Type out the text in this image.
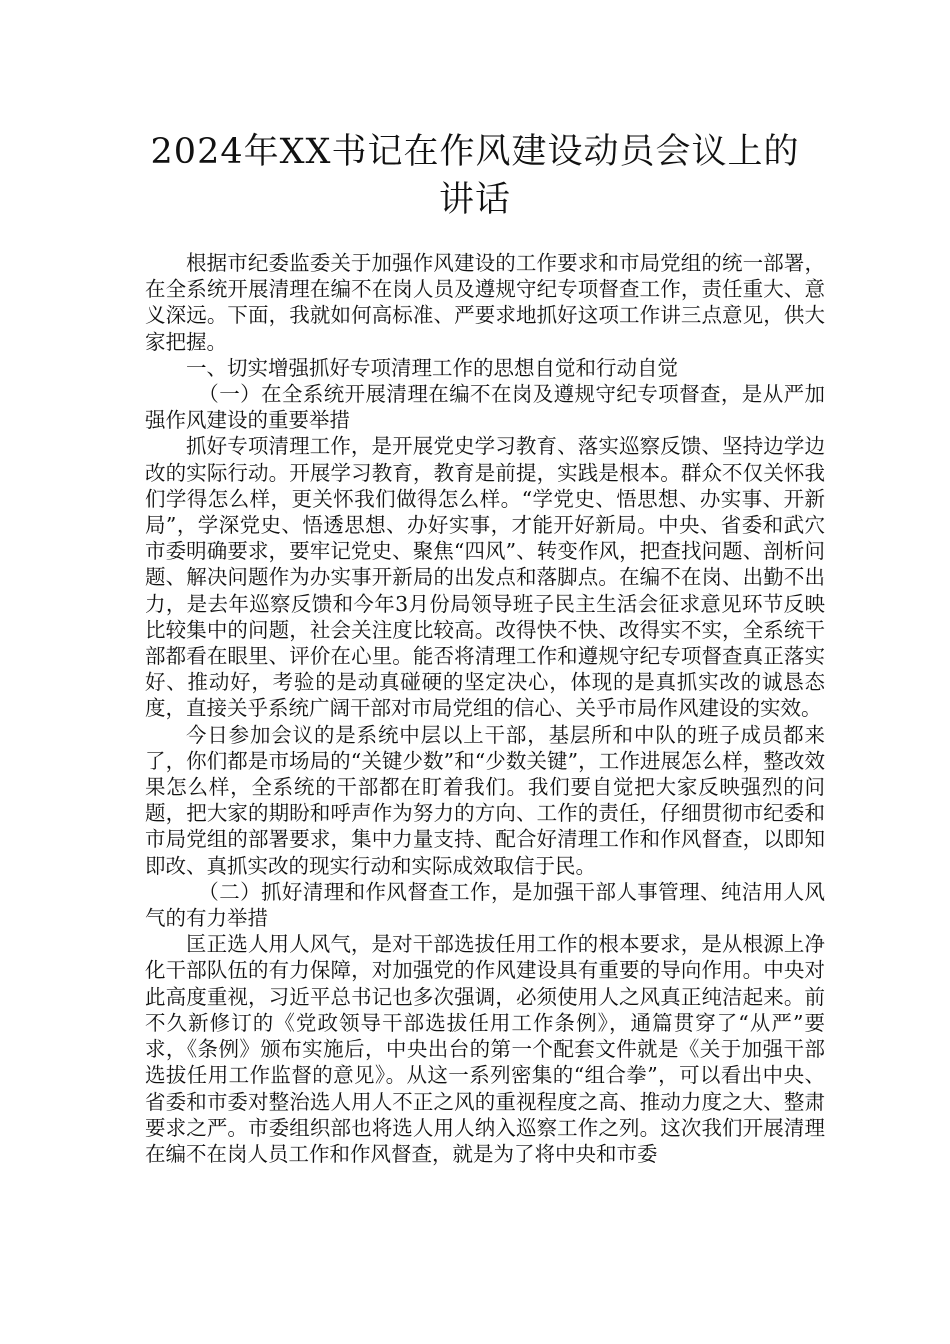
2024年XX书记在作风建设动员会议上的讲话

根据市纪委监委关于加强作风建设的工作要求和市局党组的统一部署，在全系统开展清理在编不在岗人员及遵规守纪专项督查工作，责任重大、意义深远。下面，我就如何高标准、严要求地抓好这项工作讲三点意见，供大家把握。

一、切实增强抓好专项清理工作的思想自觉和行动自觉

（一）在全系统开展清理在编不在岗及遵规守纪专项督查，是从严加强作风建设的重要举措

抓好专项清理工作，是开展党史学习教育、落实巡察反馈、坚持边学边改的实际行动。开展学习教育，教育是前提，实践是根本。群众不仅关怀我们学得怎么样，更关怀我们做得怎么样。“学党史、悟思想、办实事、开新局”，学深党史、悟透思想、办好实事，才能开好新局。中央、省委和武穴市委明确要求，要牢记党史、聚焦“四风”、转变作风，把查找问题、剖析问题、解决问题作为办实事开新局的出发点和落脚点。在编不在岗、出勤不出力，是去年巡察反馈和今年3月份局领导班子民主生活会征求意见环节反映比较集中的问题，社会关注度比较高。改得快不快、改得实不实，全系统干部都看在眼里、评价在心里。能否将清理工作和遵规守纪专项督查真正落实好、推动好，考验的是动真碰硬的坚定决心，体现的是真抓实改的诚恳态度，直接关乎系统广阔干部对市局党组的信心、关乎市局作风建设的实效。

今日参加会议的是系统中层以上干部，基层所和中队的班子成员都来了，你们都是市场局的“关键少数”和“少数关键”，工作进展怎么样，整改效果怎么样，全系统的干部都在盯着我们。我们要自觉把大家反映强烈的问题，把大家的期盼和呼声作为努力的方向、工作的责任，仔细贯彻市纪委和市局党组的部署要求，集中力量支持、配合好清理工作和作风督查，以即知即改、真抓实改的现实行动和实际成效取信于民。

（二）抓好清理和作风督查工作，是加强干部人事管理、纯洁用人风气的有力举措

匡正选人用人风气，是对干部选拔任用工作的根本要求，是从根源上净化干部队伍的有力保障，对加强党的作风建设具有重要的导向作用。中央对此高度重视，习近平总书记也多次强调，必须使用人之风真正纯洁起来。前不久新修订的《党政领导干部选拔任用工作条例》，通篇贯穿了“从严”要求，《条例》颁布实施后，中央出台的第一个配套文件就是《关于加强干部选拔任用工作监督的意见》。从这一系列密集的“组合拳”，可以看出中央、省委和市委对整治选人用人不正之风的重视程度之高、推动力度之大、整肃要求之严。市委组织部也将选人用人纳入巡察工作之列。这次我们开展清理在编不在岗人员工作和作风督查，就是为了将中央和市委
